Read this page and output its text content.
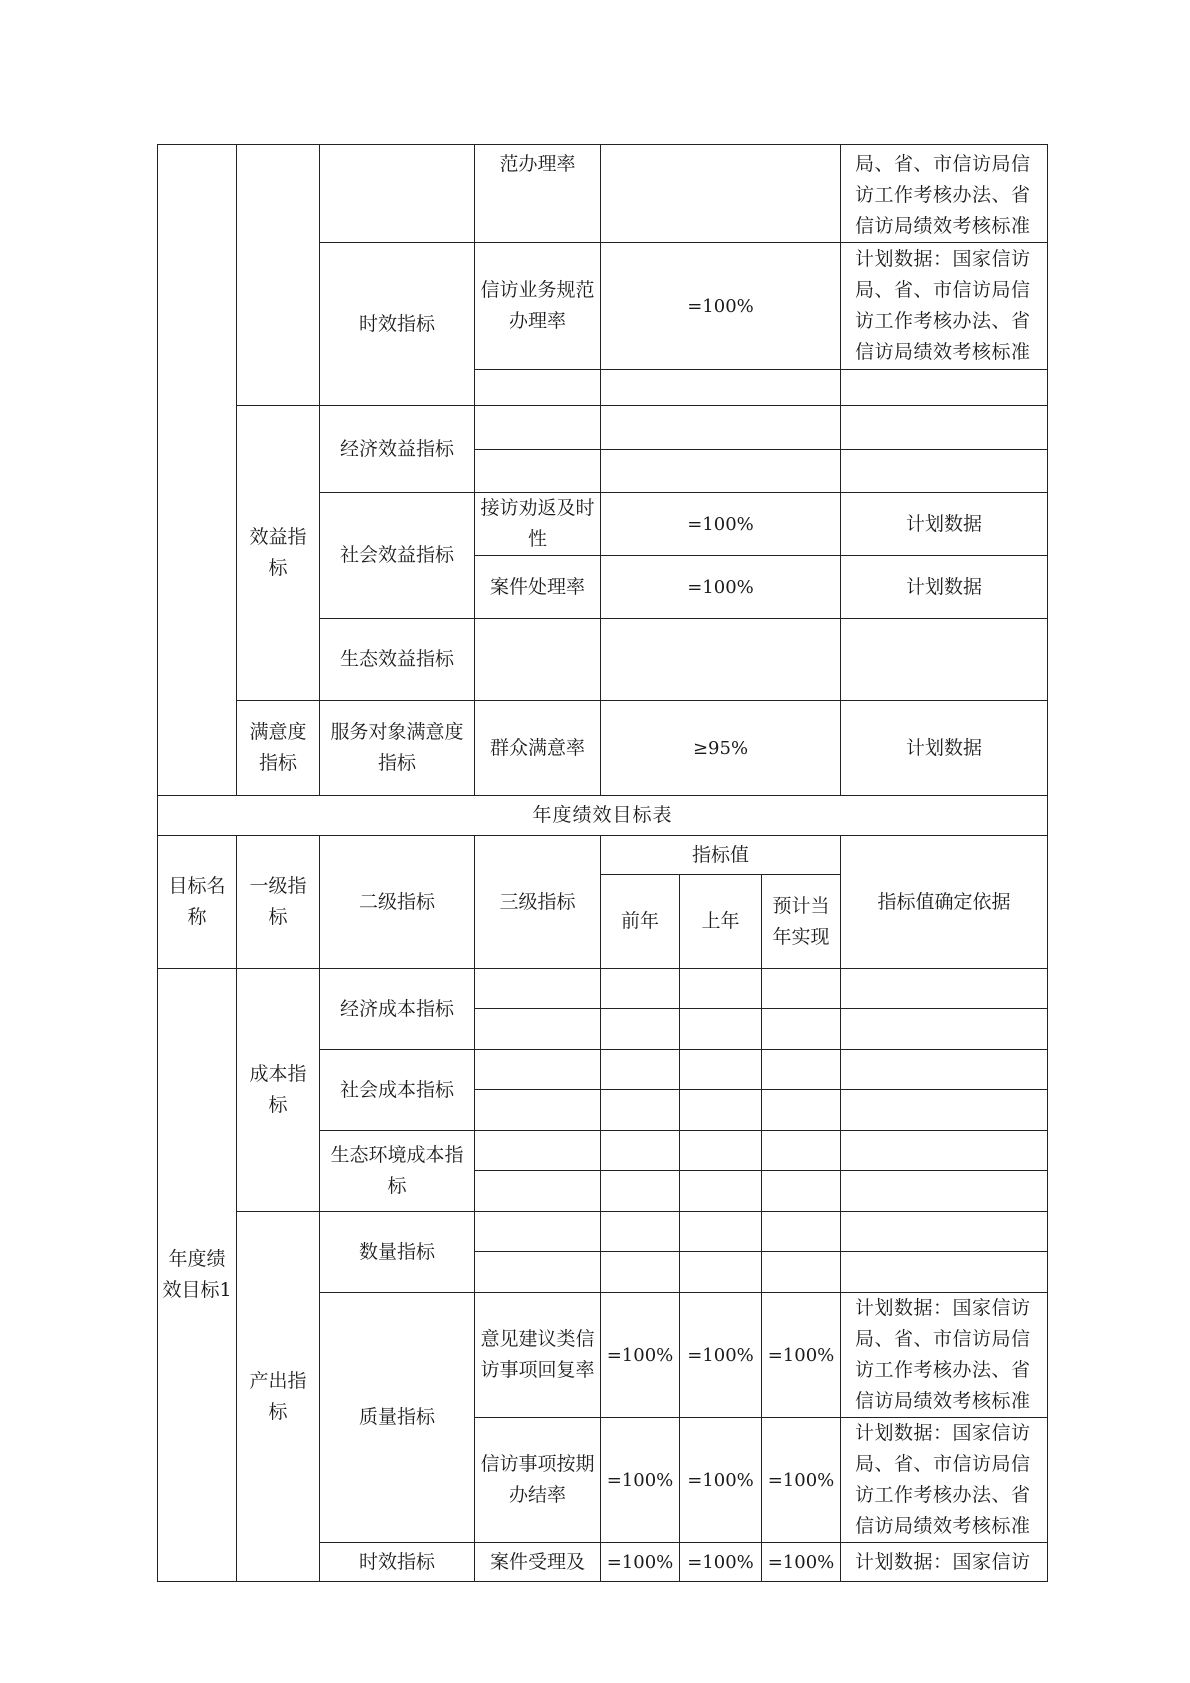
			范办理率				局、省、市信访局信访工作考核办法、省信访局绩效考核标准
		时效指标	信访业务规范办理率	=100%			计划数据：国家信访局、省、市信访局信访工作考核办法、省信访局绩效考核标准

	效益指标	经济效益指标					

		社会效益指标	接访劝返及时性	=100%			计划数据
			案件处理率	=100%			计划数据
		生态效益指标					
	满意度指标	服务对象满意度指标	群众满意率	≥95%			计划数据
年度绩效目标表							
目标名称	一级指标	二级指标	三级指标	指标值			指标值确定依据
				前年	上年	预计当年实现	
年度绩效目标1	成本指标	经济成本指标					

		社会成本指标					

		生态环境成本指标					

	产出指标	数量指标					

		质量指标	意见建议类信访事项回复率	=100%	=100%	=100%	计划数据：国家信访局、省、市信访局信访工作考核办法、省信访局绩效考核标准
			信访事项按期办结率	=100%	=100%	=100%	计划数据：国家信访局、省、市信访局信访工作考核办法、省信访局绩效考核标准
		时效指标	案件受理及	=100%	=100%	=100%	计划数据：国家信访
